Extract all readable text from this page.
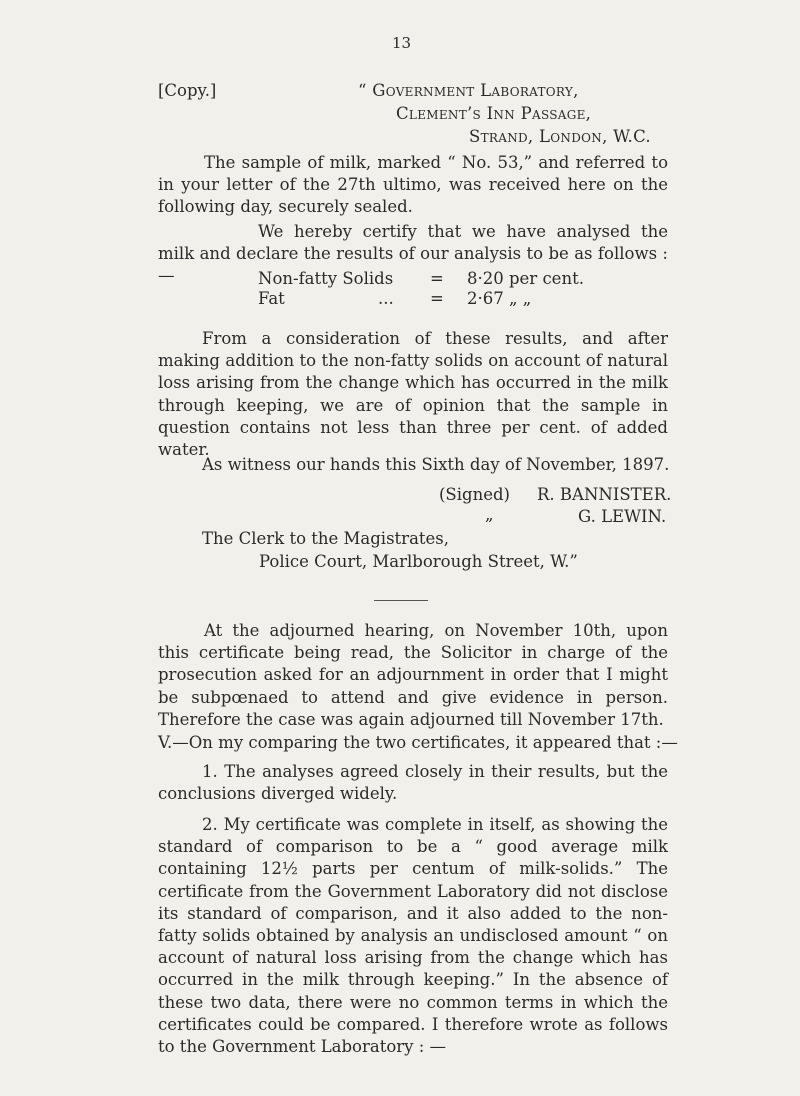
13

[Copy.]	“ Government Laboratory,

Clement’s Inn Passage,

Strand, London, W.C.

The sample of milk, marked “ No. 53,” and referred to in your letter of the 27th ultimo, was received here on the following day, securely sealed.

We hereby certify that we have analysed the milk and declare the results of our analysis to be as follows : —	Non-fatty Solids = 8·20 per cent.
Fat	... = 2·67 „ „

From a consideration of these results, and after making addition to the non-fatty solids on account of natural loss arising from the change which has occurred in the milk through keeping, we are of opinion that the sample in question contains not less than three per cent. of added water.

As witness our hands this Sixth day of November, 1897.

(Signed) R. BANNISTER.

„	G. LEWIN.

The Clerk to the Magistrates,

Police Court, Marlborough Street, W.”

At the adjourned hearing, on November 10th, upon this certificate being read, the Solicitor in charge of the prosecution asked for an adjournment in order that I might be subpœnaed to attend and give evidence in person. Therefore the case was again adjourned till November 17th.

V.—On my comparing the two certificates, it appeared that :—

1. The analyses agreed closely in their results, but the conclusions diverged widely.

2. My certificate was complete in itself, as showing the standard of comparison to be a “ good average milk containing 12½ parts per centum of milk-solids.” The certificate from the Government Laboratory did not disclose its standard of comparison, and it also added to the non-fatty solids obtained by analysis an undisclosed amount “ on account of natural loss arising from the change which has occurred in the milk through keeping.” In the absence of these two data, there were no common terms in which the certificates could be compared. I therefore wrote as follows to the Government Laboratory : —
